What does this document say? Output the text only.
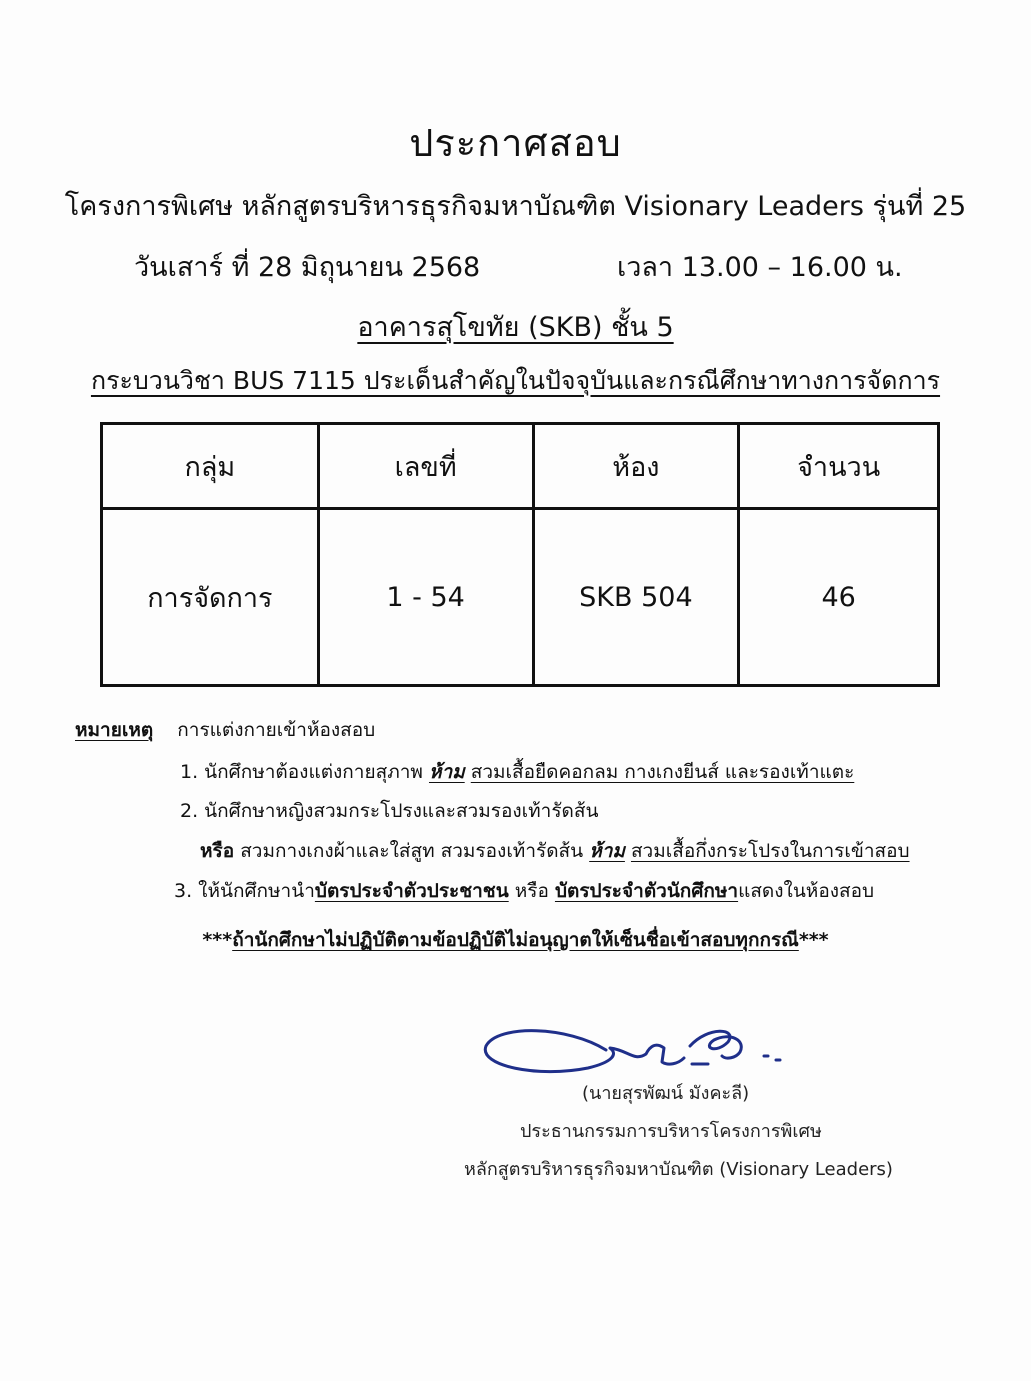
ประกาศสอบ
โครงการพิเศษ หลักสูตรบริหารธุรกิจมหาบัณฑิต Visionary Leaders รุ่นที่ 25
วันเสาร์ ที่ 28 มิถุนายน 2568	เวลา 13.00 – 16.00 น.
อาคารสุโขทัย (SKB) ชั้น 5
กระบวนวิชา BUS 7115 ประเด็นสำคัญในปัจจุบันและกรณีศึกษาทางการจัดการ
กลุ่ม	เลขที่	ห้อง	จำนวน
การจัดการ	1 - 54	SKB 504	46
หมายเหตุ การแต่งกายเข้าห้องสอบ
1. นักศึกษาต้องแต่งกายสุภาพ ห้าม สวมเสื้อยืดคอกลม กางเกงยีนส์ และรองเท้าแตะ
2. นักศึกษาหญิงสวมกระโปรงและสวมรองเท้ารัดส้น
หรือ สวมกางเกงผ้าและใส่สูท สวมรองเท้ารัดส้น ห้าม สวมเสื้อกึ่งกระโปรงในการเข้าสอบ
3. ให้นักศึกษานำบัตรประจำตัวประชาชน หรือ บัตรประจำตัวนักศึกษาแสดงในห้องสอบ
***ถ้านักศึกษาไม่ปฏิบัติตามข้อปฏิบัติไม่อนุญาตให้เซ็นชื่อเข้าสอบทุกกรณี***
(นายสุรพัฒน์ มังคะลี)
ประธานกรรมการบริหารโครงการพิเศษ
หลักสูตรบริหารธุรกิจมหาบัณฑิต (Visionary Leaders)
